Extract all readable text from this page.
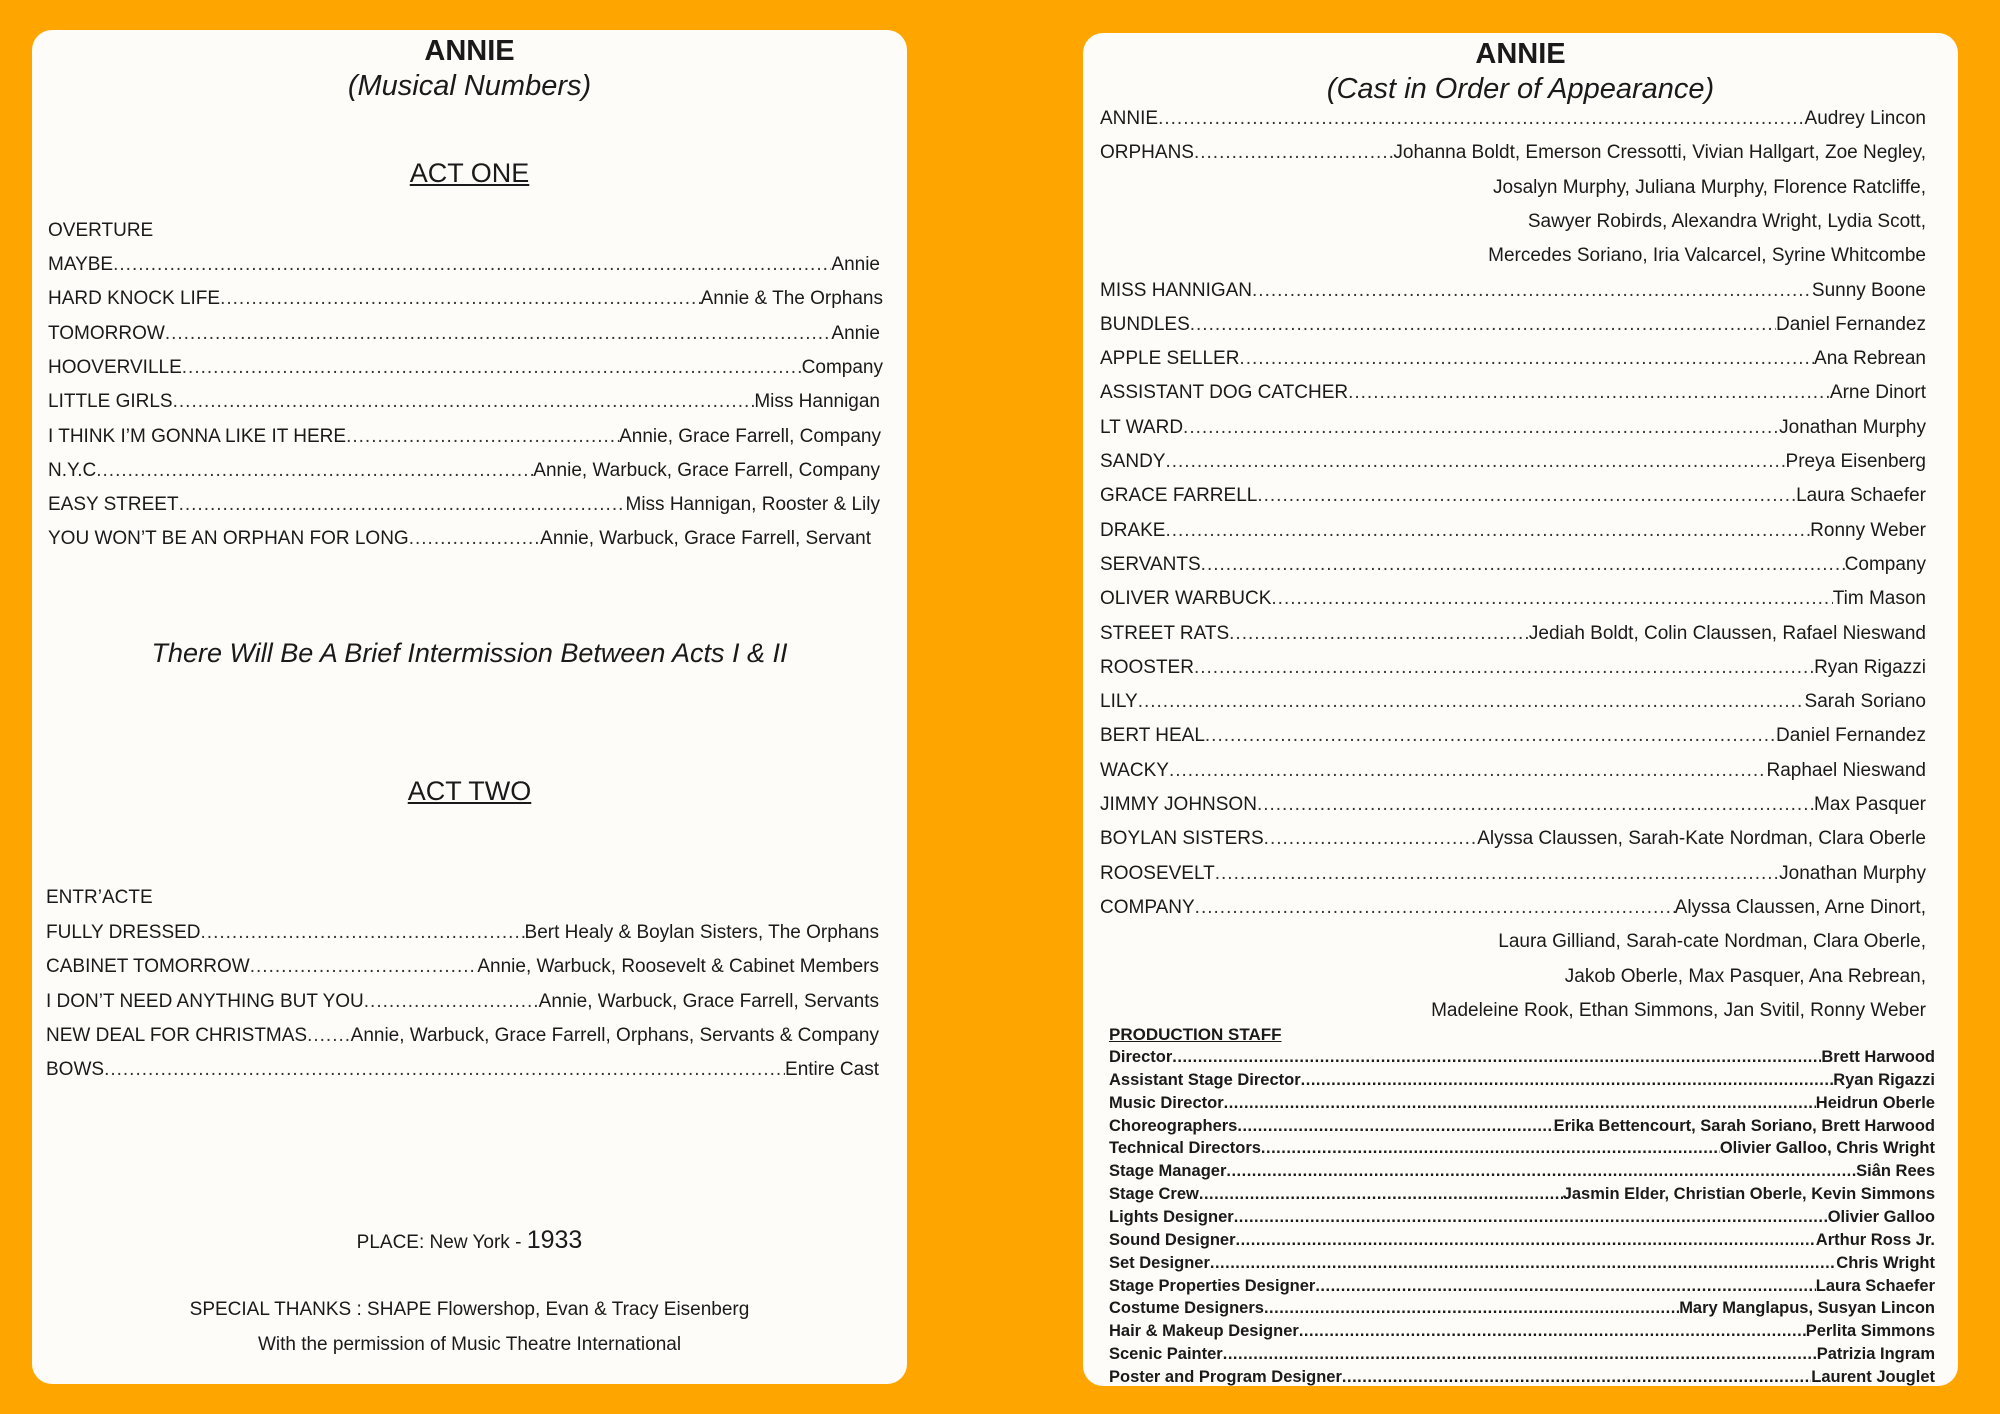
ANNIE
(Musical Numbers)
ACT ONE
OVERTURE
MAYBE .....	Annie
HARD KNOCK LIFE .....	Annie & The Orphans
TOMORROW .....	Annie
HOOVERVILLE .....	Company
LITTLE GIRLS .....	Miss Hannigan
I THINK I’M GONNA LIKE IT HERE .....	Annie, Grace Farrell, Company
N.Y.C .....	Annie, Warbuck, Grace Farrell, Company
EASY STREET .....	Miss Hannigan, Rooster & Lily
YOU WON’T BE AN ORPHAN FOR LONG .....	Annie, Warbuck, Grace Farrell, Servant
There Will Be A Brief Intermission Between Acts I & II
ACT TWO
ENTR’ACTE
FULLY DRESSED .....	Bert Healy & Boylan Sisters, The Orphans
CABINET TOMORROW .....	Annie, Warbuck, Roosevelt & Cabinet Members
I DON’T NEED ANYTHING BUT YOU .....	Annie, Warbuck, Grace Farrell, Servants
NEW DEAL FOR CHRISTMAS ..... Annie, Warbuck, Grace Farrell, Orphans, Servants & Company
BOWS .....	Entire Cast
PLACE: New York - 1933
SPECIAL THANKS : SHAPE Flowershop, Evan & Tracy Eisenberg
With the permission of Music Theatre International
ANNIE
(Cast in Order of Appearance)
ANNIE .....	Audrey Lincon
ORPHANS .....	Johanna Boldt, Emerson Cressotti, Vivian Hallgart, Zoe Negley,
Josalyn Murphy, Juliana Murphy, Florence Ratcliffe,
Sawyer Robirds, Alexandra Wright, Lydia Scott,
Mercedes Soriano, Iria Valcarcel, Syrine Whitcombe
MISS HANNIGAN .....	Sunny Boone
BUNDLES .....	Daniel Fernandez
APPLE SELLER .....	Ana Rebrean
ASSISTANT DOG CATCHER .....	Arne Dinort
LT WARD .....	Jonathan Murphy
SANDY .....	Preya Eisenberg
GRACE FARRELL .....	Laura Schaefer
DRAKE .....	Ronny Weber
SERVANTS .....	Company
OLIVER WARBUCK .....	Tim Mason
STREET RATS .....	Jediah Boldt, Colin Claussen, Rafael Nieswand
ROOSTER .....	Ryan Rigazzi
LILY .....	Sarah Soriano
BERT HEAL .....	Daniel Fernandez
WACKY .....	Raphael Nieswand
JIMMY JOHNSON .....	Max Pasquer
BOYLAN SISTERS .....	Alyssa Claussen, Sarah-Kate Nordman, Clara Oberle
ROOSEVELT .....	Jonathan Murphy
COMPANY .....	Alyssa Claussen, Arne Dinort,
Laura Gilliand, Sarah-cate Nordman, Clara Oberle,
Jakob Oberle, Max Pasquer, Ana Rebrean,
Madeleine Rook, Ethan Simmons, Jan Svitil, Ronny Weber
PRODUCTION STAFF
Director .....	Brett Harwood
Assistant Stage Director .....	Ryan Rigazzi
Music Director .....	Heidrun Oberle
Choreographers .....	Erika Bettencourt, Sarah Soriano, Brett Harwood
Technical Directors .....	Olivier Galloo, Chris Wright
Stage Manager .....	Siân Rees
Stage Crew .....	Jasmin Elder, Christian Oberle, Kevin Simmons
Lights Designer .....	Olivier Galloo
Sound Designer .....	Arthur Ross Jr.
Set Designer .....	Chris Wright
Stage Properties Designer .....	Laura Schaefer
Costume Designers .....	Mary Manglapus, Susyan Lincon
Hair & Makeup Designer .....	Perlita Simmons
Scenic Painter .....	Patrizia Ingram
Poster and Program Designer .....	Laurent Jouglet
